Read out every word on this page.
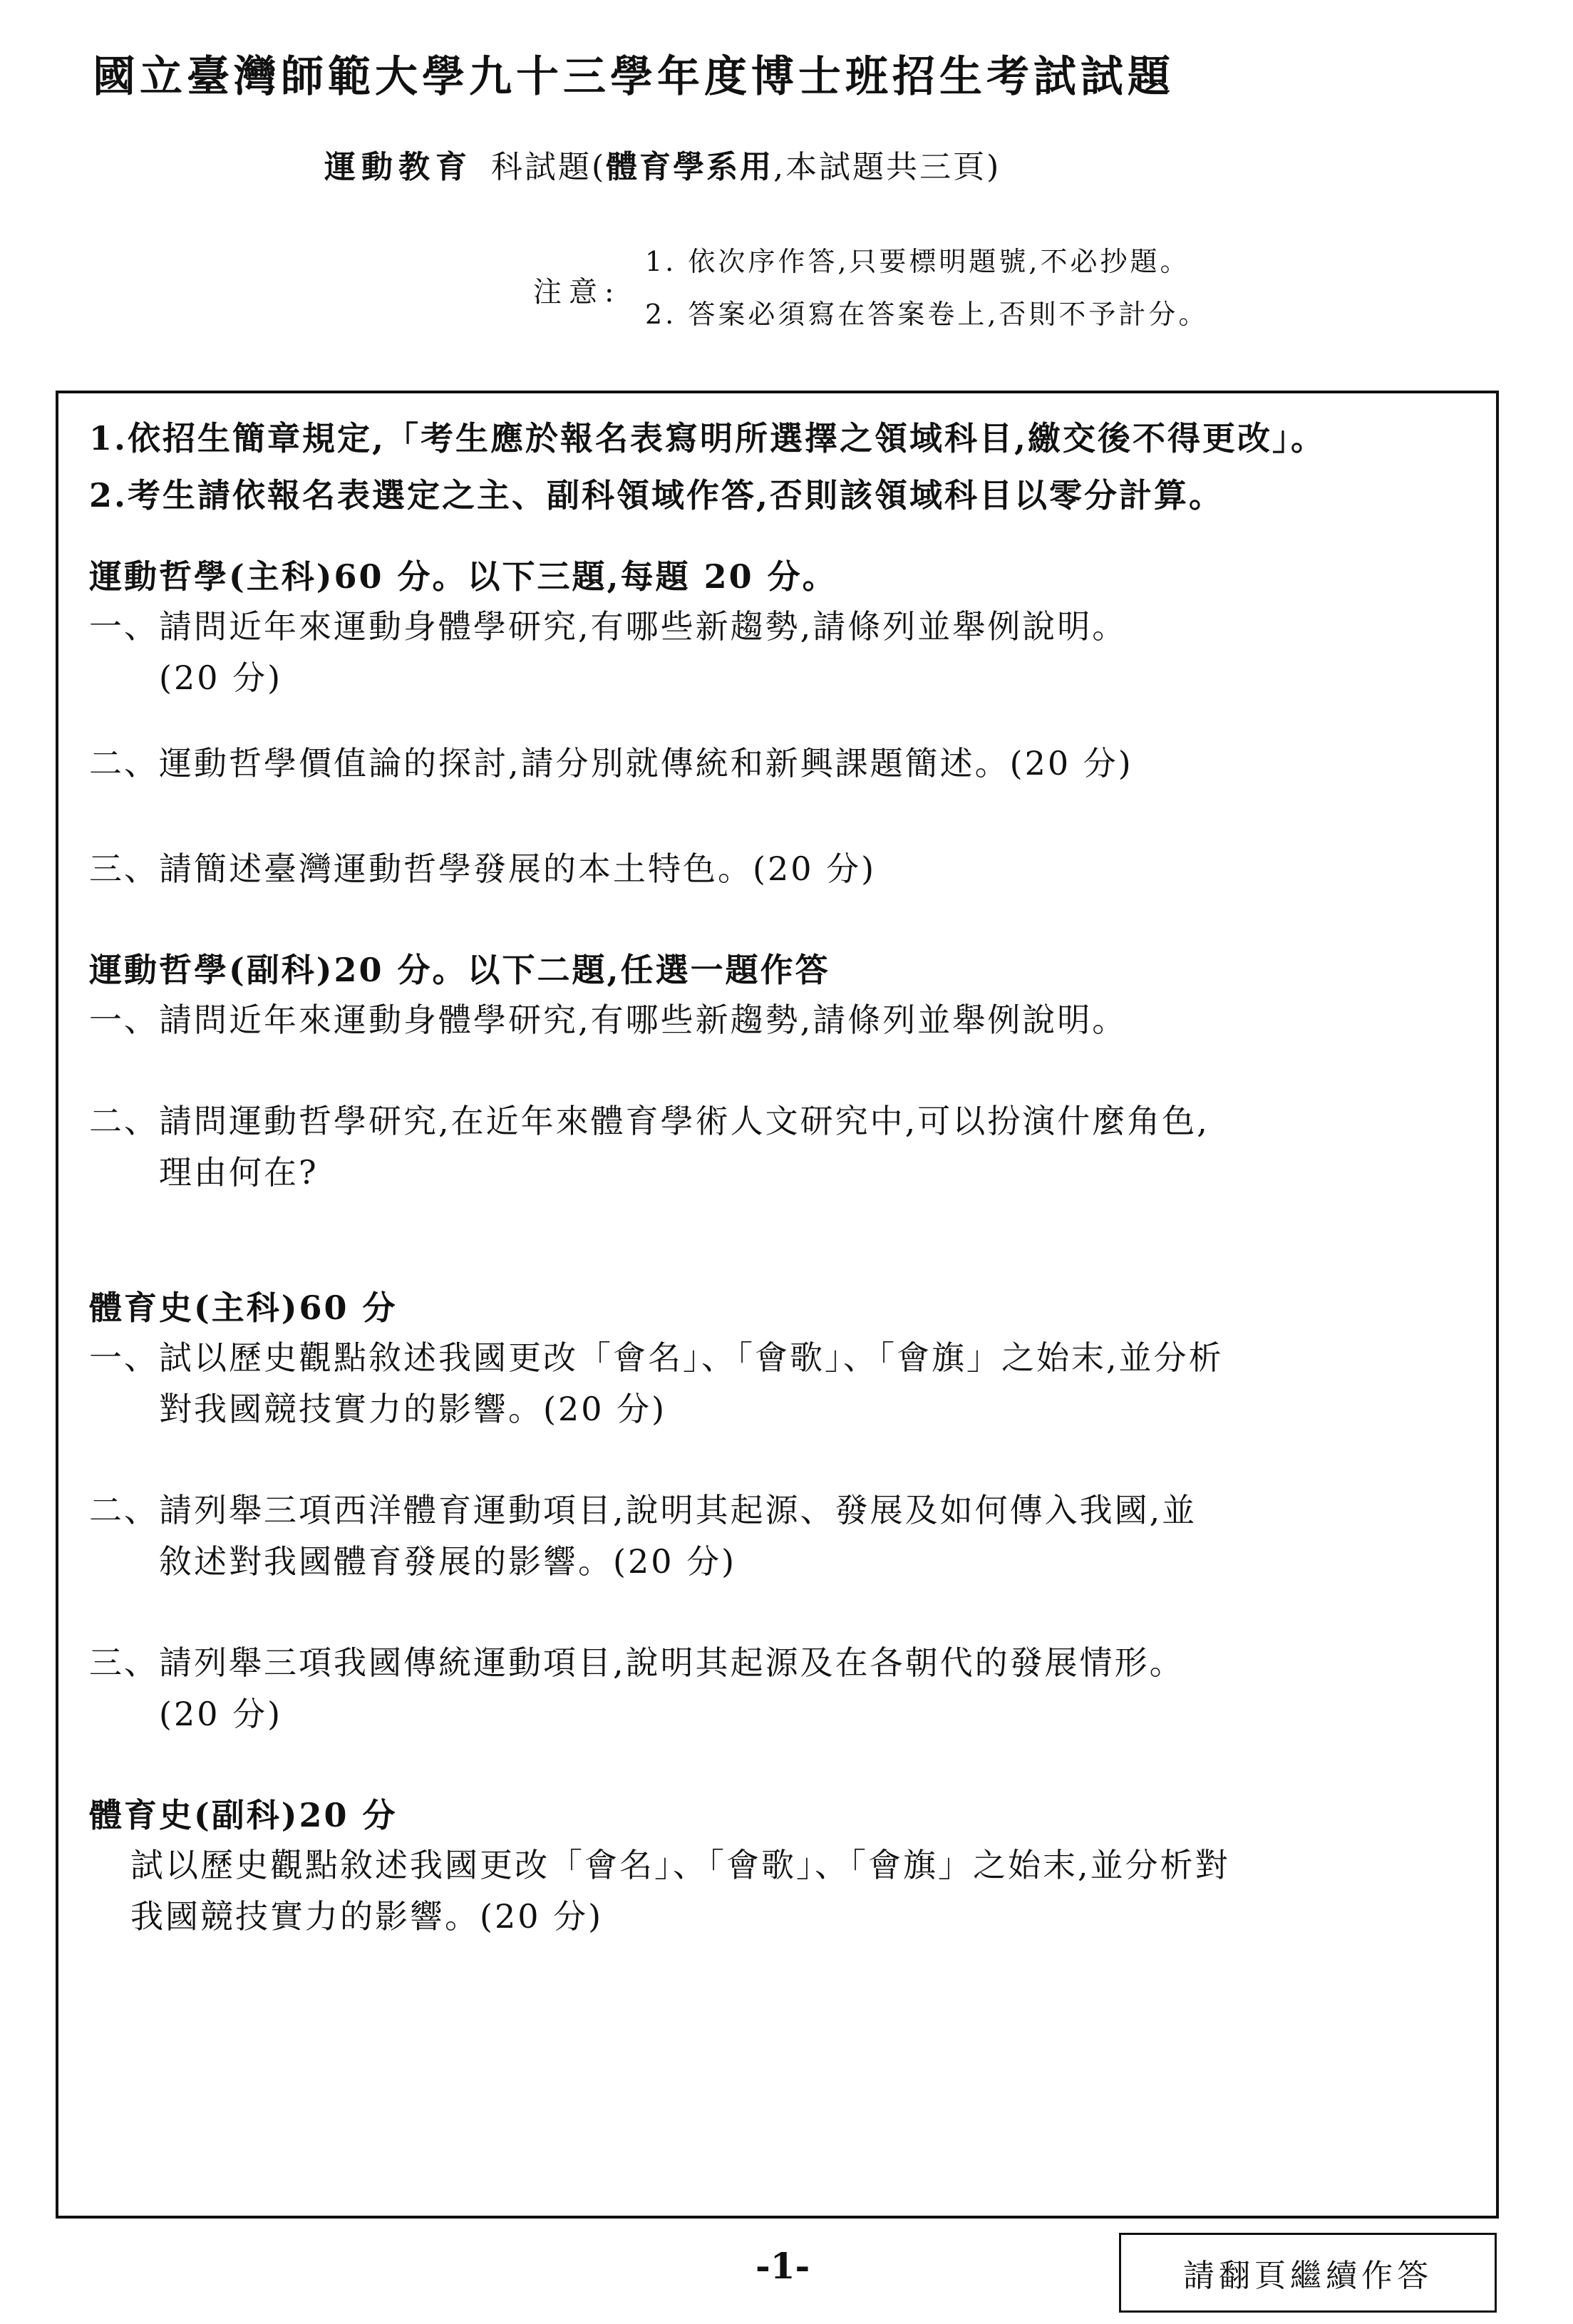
國立臺灣師範大學九十三學年度博士班招生考試試題
運動教育 科試題(體育學系用,本試題共三頁)
注意:
1. 依次序作答,只要標明題號,不必抄題。
2. 答案必須寫在答案卷上,否則不予計分。
1.依招生簡章規定,「考生應於報名表寫明所選擇之領域科目,繳交後不得更改」。
2.考生請依報名表選定之主、副科領域作答,否則該領域科目以零分計算。
運動哲學(主科)60 分。以下三題,每題 20 分。
一、 請問近年來運動身體學研究,有哪些新趨勢,請條列並舉例說明。
(20 分)
二、 運動哲學價值論的探討,請分別就傳統和新興課題簡述。(20 分)
三、 請簡述臺灣運動哲學發展的本土特色。(20 分)
運動哲學(副科)20 分。以下二題,任選一題作答
一、 請問近年來運動身體學研究,有哪些新趨勢,請條列並舉例說明。
二、 請問運動哲學研究,在近年來體育學術人文研究中,可以扮演什麼角色,
理由何在?
體育史(主科)60 分
一、 試以歷史觀點敘述我國更改「會名」、「會歌」、「會旗」之始末,並分析
對我國競技實力的影響。(20 分)
二、 請列舉三項西洋體育運動項目,說明其起源、發展及如何傳入我國,並
敘述對我國體育發展的影響。(20 分)
三、 請列舉三項我國傳統運動項目,說明其起源及在各朝代的發展情形。
(20 分)
體育史(副科)20 分
試以歷史觀點敘述我國更改「會名」、「會歌」、「會旗」之始末,並分析對
我國競技實力的影響。(20 分)
-1-	請翻頁繼續作答
